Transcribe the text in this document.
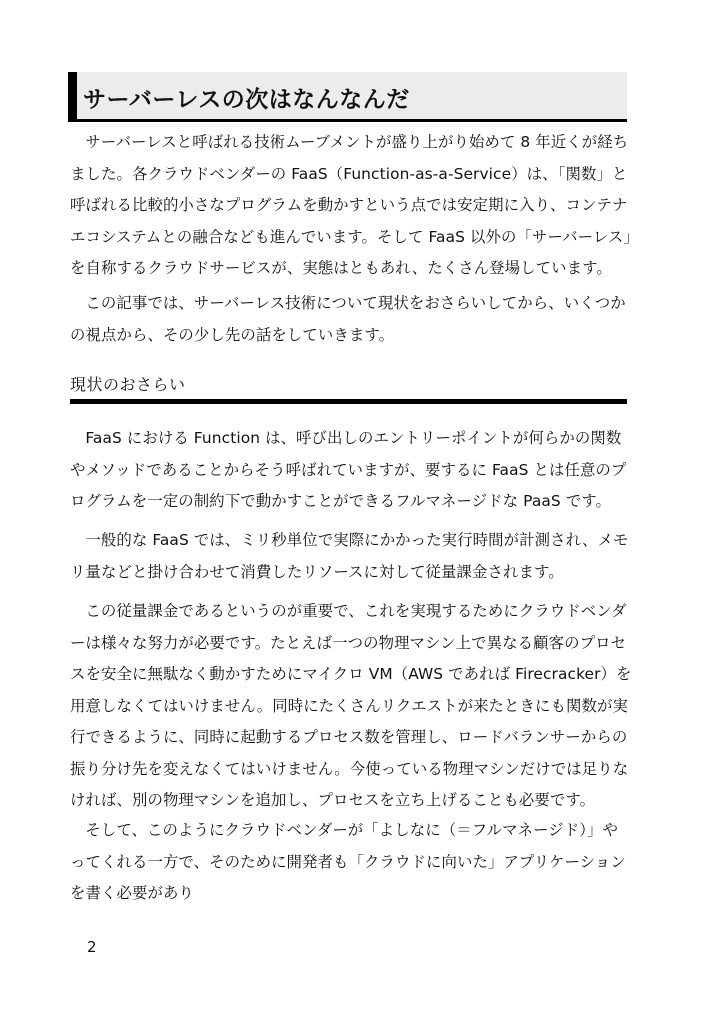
サーバーレスの次はなんなんだ

サーバーレスと呼ばれる技術ムーブメントが盛り上がり始めて 8 年近くが経ちました。各クラウドベンダーの FaaS（Function-as-a-Service）は、「関数」と呼ばれる比較的小さなプログラムを動かすという点では安定期に入り、コンテナエコシステムとの融合なども進んでいます。そして FaaS 以外の「サーバーレス」を自称するクラウドサービスが、実態はともあれ、たくさん登場しています。

この記事では、サーバーレス技術について現状をおさらいしてから、いくつかの視点から、その少し先の話をしていきます。

現状のおさらい

FaaS における Function は、呼び出しのエントリーポイントが何らかの関数やメソッドであることからそう呼ばれていますが、要するに FaaS とは任意のプログラムを一定の制約下で動かすことができるフルマネージドな PaaS です。

一般的な FaaS では、ミリ秒単位で実際にかかった実行時間が計測され、メモリ量などと掛け合わせて消費したリソースに対して従量課金されます。

この従量課金であるというのが重要で、これを実現するためにクラウドベンダーは様々な努力が必要です。たとえば一つの物理マシン上で異なる顧客のプロセスを安全に無駄なく動かすためにマイクロ VM（AWS であれば Firecracker）を用意しなくてはいけません。同時にたくさんリクエストが来たときにも関数が実行できるように、同時に起動するプロセス数を管理し、ロードバランサーからの振り分け先を変えなくてはいけません。今使っている物理マシンだけでは足りなければ、別の物理マシンを追加し、プロセスを立ち上げることも必要です。

そして、このようにクラウドベンダーが「よしなに（＝フルマネージド）」やってくれる一方で、そのために開発者も「クラウドに向いた」アプリケーションを書く必要があり

2
